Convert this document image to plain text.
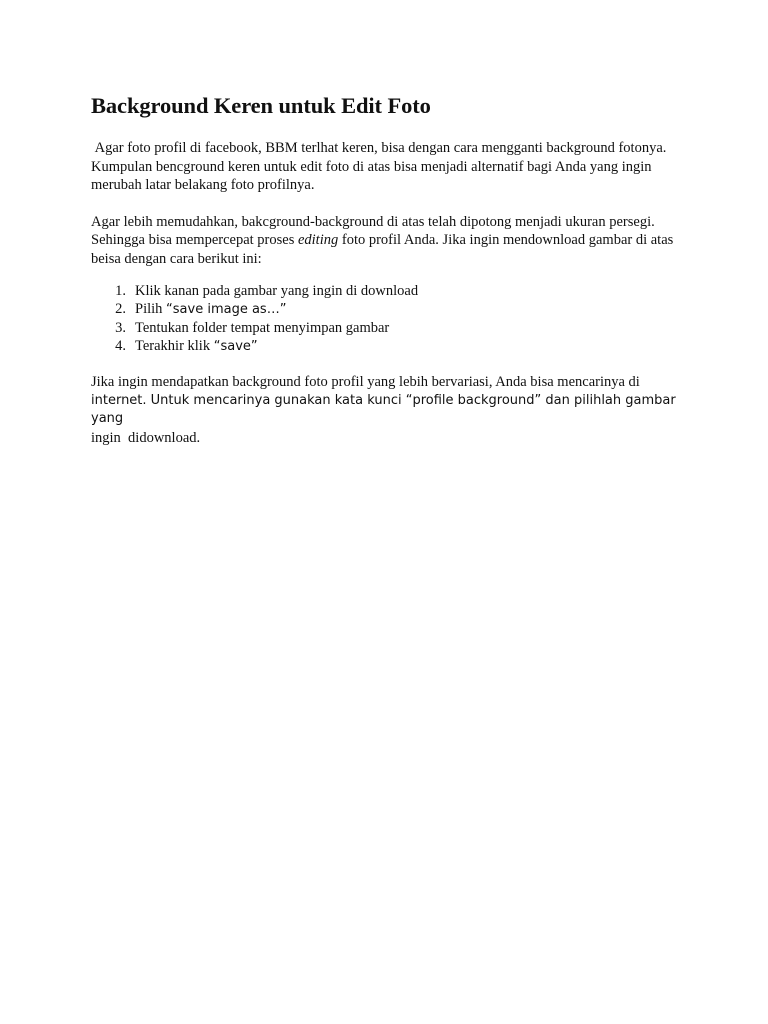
Background Keren untuk Edit Foto

Agar foto profil di facebook, BBM terlhat keren, bisa dengan cara mengganti background fotonya. Kumpulan bencground keren untuk edit foto di atas bisa menjadi alternatif bagi Anda yang ingin merubah latar belakang foto profilnya.

Agar lebih memudahkan, bakcground-background di atas telah dipotong menjadi ukuran persegi. Sehingga bisa mempercepat proses editing foto profil Anda. Jika ingin mendownload gambar di atas beisa dengan cara berikut ini:

1. Klik kanan pada gambar yang ingin di download
2. Pilih “save image as…”
3. Tentukan folder tempat menyimpan gambar
4. Terakhir klik “save”

Jika ingin mendapatkan background foto profil yang lebih bervariasi, Anda bisa mencarinya di
internet. Untuk mencarinya gunakan kata kunci “profile background” dan pilihlah gambar yang
ingin  didownload.
